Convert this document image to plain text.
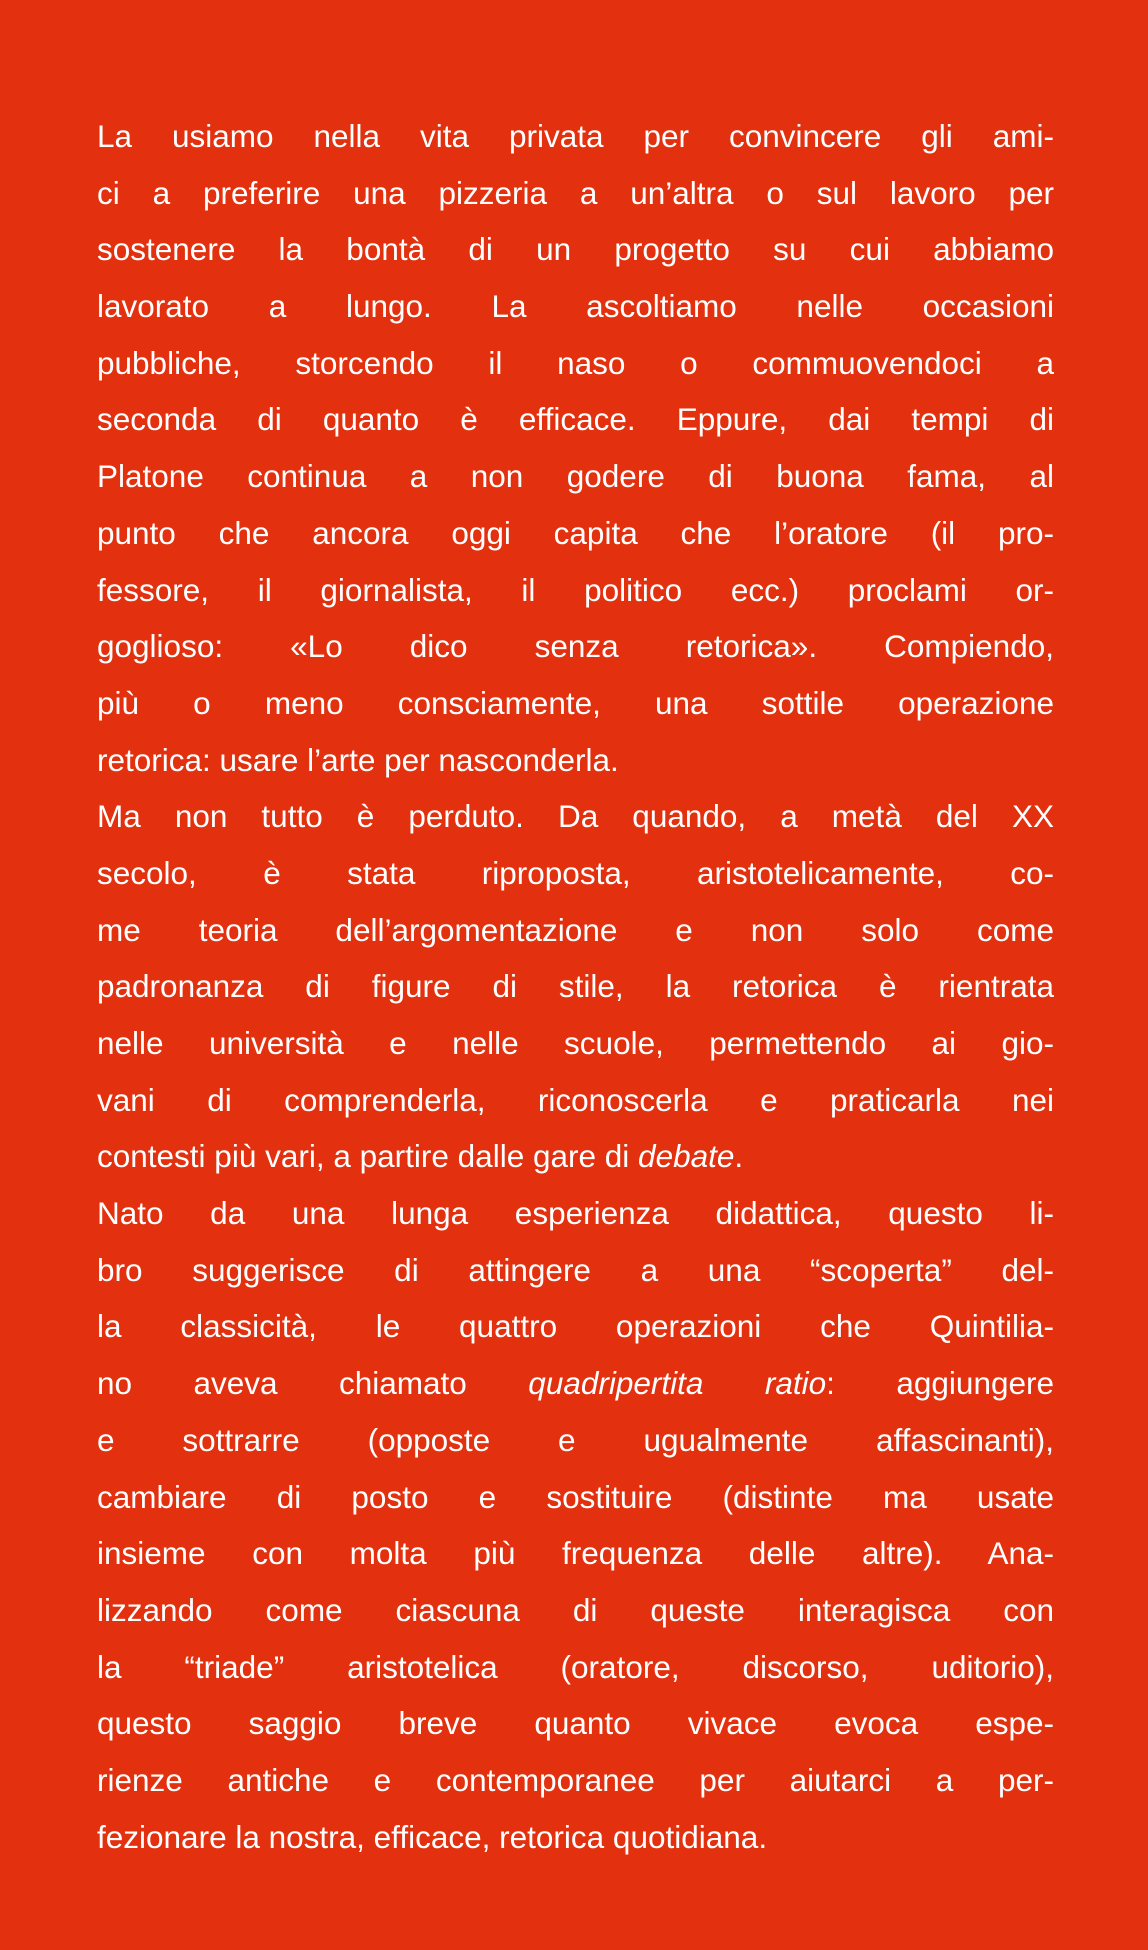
La usiamo nella vita privata per convincere gli ami-
ci a preferire una pizzeria a un’altra o sul lavoro per
sostenere la bontà di un progetto su cui abbiamo
lavorato a lungo. La ascoltiamo nelle occasioni
pubbliche, storcendo il naso o commuovendoci a
seconda di quanto è efficace. Eppure, dai tempi di
Platone continua a non godere di buona fama, al
punto che ancora oggi capita che l’oratore (il pro-
fessore, il giornalista, il politico ecc.) proclami or-
goglioso: «Lo dico senza retorica». Compiendo,
più o meno consciamente, una sottile operazione
retorica: usare l’arte per nasconderla.
Ma non tutto è perduto. Da quando, a metà del XX
secolo, è stata riproposta, aristotelicamente, co-
me teoria dell’argomentazione e non solo come
padronanza di figure di stile, la retorica è rientrata
nelle università e nelle scuole, permettendo ai gio-
vani di comprenderla, riconoscerla e praticarla nei
contesti più vari, a partire dalle gare di debate.
Nato da una lunga esperienza didattica, questo li-
bro suggerisce di attingere a una “scoperta” del-
la classicità, le quattro operazioni che Quintilia-
no aveva chiamato quadripertita ratio: aggiungere
e sottrarre (opposte e ugualmente affascinanti),
cambiare di posto e sostituire (distinte ma usate
insieme con molta più frequenza delle altre). Ana-
lizzando come ciascuna di queste interagisca con
la “triade” aristotelica (oratore, discorso, uditorio),
questo saggio breve quanto vivace evoca espe-
rienze antiche e contemporanee per aiutarci a per-
fezionare la nostra, efficace, retorica quotidiana.
